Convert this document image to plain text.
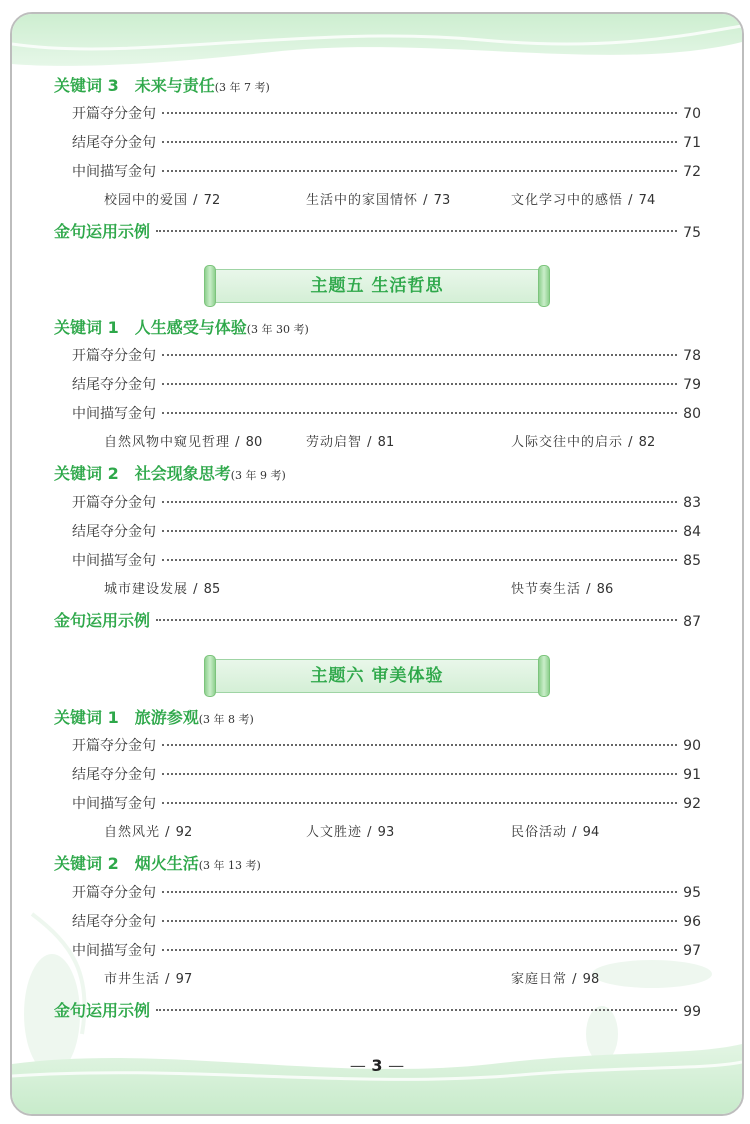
关键词 3 未来与责任(3 年 7 考)
开篇夺分金句	70
结尾夺分金句	71
中间描写金句	72
校园中的爱国 / 72	生活中的家国情怀 / 73	文化学习中的感悟 / 74
金句运用示例	75
主题五 生活哲思
关键词 1 人生感受与体验(3 年 30 考)
开篇夺分金句	78
结尾夺分金句	79
中间描写金句	80
自然风物中窥见哲理 / 80	劳动启智 / 81	人际交往中的启示 / 82
关键词 2 社会现象思考(3 年 9 考)
开篇夺分金句	83
结尾夺分金句	84
中间描写金句	85
城市建设发展 / 85	快节奏生活 / 86
金句运用示例	87
主题六 审美体验
关键词 1 旅游参观(3 年 8 考)
开篇夺分金句	90
结尾夺分金句	91
中间描写金句	92
自然风光 / 92	人文胜迹 / 93	民俗活动 / 94
关键词 2 烟火生活(3 年 13 考)
开篇夺分金句	95
结尾夺分金句	96
中间描写金句	97
市井生活 / 97	家庭日常 / 98
金句运用示例	99
— 3 —
